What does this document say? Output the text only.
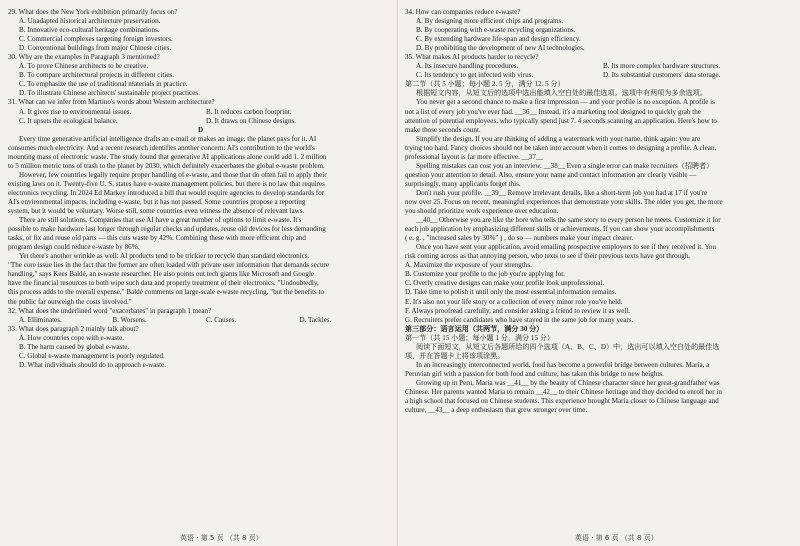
29. What does the New York exhibition primarily focus on?
A. Unadapted historical architecture preservation.
B. Innovative eco-cultural heritage combinations.
C. Commercial complexes targeting foreign investors.
D. Conventional buildings from major Chinese cities.
30. Why are the examples in Paragraph 3 mentioned?
A. To prove Chinese architects to be creative.
B. To compare architectural projects in different cities.
C. To emphasize the use of traditional materials in practice.
D. To illustrate Chinese architects' sustainable project practices.
31. What can we infer from Martino's words about Western architecture?
A. It gives rise to environmental issues.	B. It reduces carbon footprint.
C. It upsets the ecological balance.	D. It draws on Chinese designs.
D
Every time generative artificial intelligence drafts an e-mail or makes an image, the planet pays for it. AI
consumes much electricity. And a recent research identifies another concern: AI's contribution to the world's
mounting mass of electronic waste. The study found that generative AI applications alone could add 1. 2 million
to 5 million metric tons of trash to the planet by 2030, which definitely exacerbates the global e-waste problem.
However, few countries legally require proper handling of e-waste, and those that do often fail to apply their
existing laws on it. Twenty-five U. S. states have e-waste management policies, but there is no law that requires
electronics recycling. In 2024 Ed Markey introduced a bill that would require agencies to develop standards for
AI's environmental impacts, including e-waste, but it has not passed. Some countries propose a reporting
system, but it would be voluntary. Worse still, some countries even witness the absence of relevant laws.
There are still solutions. Companies that use AI have a great number of options to limit e-waste. It's
possible to make hardware last longer through regular checks and updates, reuse old devices for less demanding
tasks, or fix and reuse old parts — this cuts waste by 42%. Combining these with more efficient chip and
program design could reduce e-waste by 86%.
Yet there's another wrinkle as well: AI products tend to be trickier to recycle than standard electronics.
"The core issue lies in the fact that the former are often loaded with private user information that demands secure
handling," says Kees Baldé, an e-waste researcher. He also points out tech giants like Microsoft and Google
have the financial resources to both wipe such data and properly treatment of their electronics. "Undoubtedly,
this process adds to the overall expense," Baldé comments on large-scale e-waste recycling, "but the benefits to
the public far outweigh the costs involved."
32. What does the underlined word "exacerbates" in paragraph 1 mean?
A. Elliminates.	B. Worsens.	C. Causes.	D. Tackles.
33. What does paragraph 2 mainly talk about?
A. How countries cope with e-waste.
B. The harm caused by global e-waste.
C. Global e-waste management is poorly regulated.
D. What individuals should do to approach e-waste.
34. How can companies reduce e-waste?
A. By designing more efficient chips and programs.
B. By cooperating with e-waste recycling organizations.
C. By extending hardware life-span and design efficiency.
D. By prohibiting the development of new AI technologies.
35. What makes AI products harder to recycle?
A. Its insecure handling procedures.	B. Its more complex hardware structures.
C. Its tendency to get infected with virus.	D. Its substantial customers' data storage.
第二节（共 5 小题；每小题 2. 5 分，满分 12. 5 分）
根据短文内容，从短文后的选项中选出能填入空白处的最佳选项。选项中有两项为多余选项。
You never get a second chance to make a first impression — and your profile is no exception. A profile is
not a list of every job you've ever had. __36__ Instead, it's a marketing tool designed to quickly grab the
attention of potential employees, who typically spend just 7. 4 seconds scanning an application. Here's how to
make those seconds count.
Simplify the design. If you are thinking of adding a watermark with your name, think again: you are
trying too hard. Fancy choices should not be taken into account when it comes to designing a profile. A clean,
professional layout is far more effective. __37__
Spelling mistakes can cost you an interview. __38__ Even a single error can make recruiters（招聘者）
question your attention to detail. Also, ensure your name and contact information are clearly visible —
surprisingly, many applicants forget this.
Don't rush your profile. __39__ Remove irrelevant details, like a short-term job you had at 17 if you're
now over 25. Focus on recent, meaningful experiences that demonstrate your skills. The older you get, the more
you should prioritize work experience over education.
__40__ Otherwise you are like the bore who tells the same story to every person he meets. Customize it for
each job application by emphasizing different skills or achievements. If you can show your accomplishments
( e. g. , "increased sales by 30%" ) , do so — numbers make your impact clearer.
Once you have sent your application, avoid emailing prospective employers to see if they received it. You
risk coming across as that annoying person, who texts to see if their previous texts have got through.
A. Maximize the exposure of your strengths.
B. Customize your profile to the job you're applying for.
C. Overly creative designs can make your profile look unprofessional.
D. Take time to polish it until only the most essential information remains.
E. It's also not your life story or a collection of every minor role you've held.
F. Always proofread carefully, and consider asking a friend to review it as well.
G. Recruiters prefer candidates who have stayed in the same job for many years.
第三部分：语言运用（共两节，满分 30 分）
第一节（共 15 小题；每小题 1 分，满分 15 分）
阅读下面短文，从短文后各题所给的四个选项（A、B、C、D）中，选出可以填入空白处的最佳选
项，并在答题卡上将该项涂黑。
In an increasingly interconnected world, food has become a powerful bridge between cultures. Maria, a
Peruvian girl with a passion for both food and culture, has taken this bridge to new heights.
Growing up in Peru, Maria was __41__ by the beauty of Chinese character since her great-grandfather was
Chinese. Her parents wanted Maria to remain __42__ to their Chinese heritage and they decided to enroll her in
a high school that focused on Chinese students. This experience brought Maria closer to Chinese language and
culture, __43__ a deep enthusiasm that grew stronger over time.
英语 · 第 5 页 （共 8 页）	英语 · 第 6 页 （共 8 页）
